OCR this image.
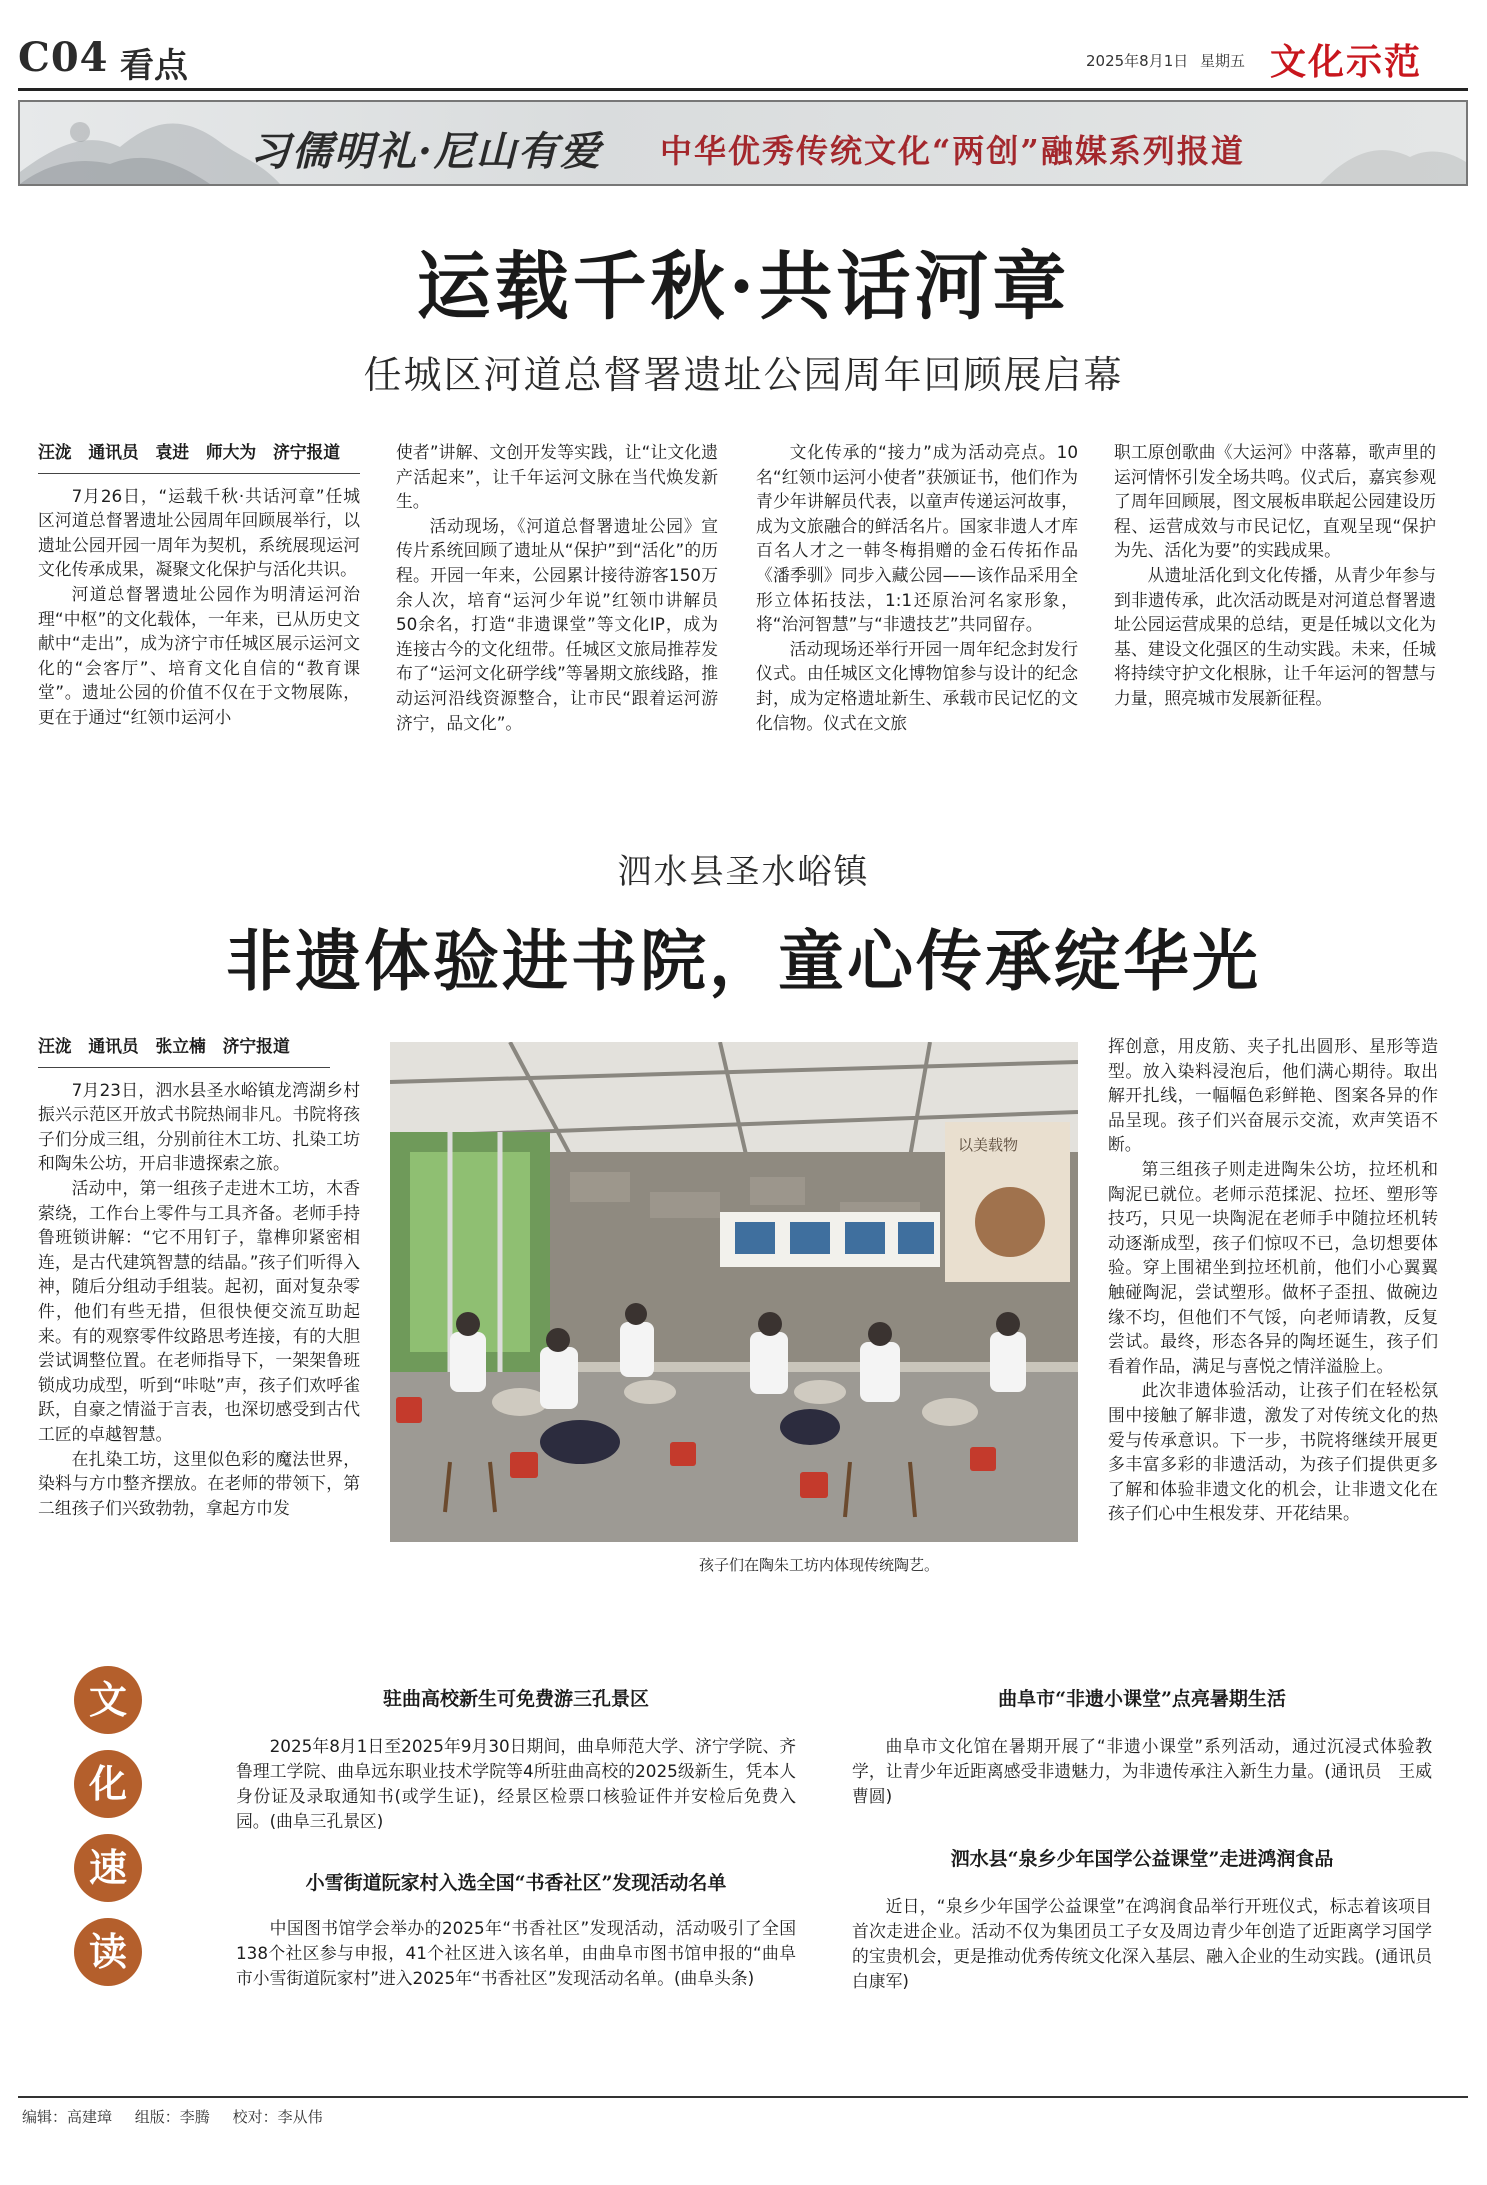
C04 看点	2025年8月1日 星期五 文化示范
习儒明礼·尼山有爱 中华优秀传统文化“两创”融媒系列报道
运载千秋·共话河章
任城区河道总督署遗址公园周年回顾展启幕
汪泷　通讯员　袁进　师大为　济宁报道

7月26日，“运载千秋·共话河章”任城区河道总督署遗址公园周年回顾展举行，以遗址公园开园一周年为契机，系统展现运河文化传承成果，凝聚文化保护与活化共识。

河道总督署遗址公园作为明清运河治理“中枢”的文化载体，一年来，已从历史文献中“走出”，成为济宁市任城区展示运河文化的“会客厅”、培育文化自信的“教育课堂”。遗址公园的价值不仅在于文物展陈，更在于通过“红领巾运河小

使者”讲解、文创开发等实践，让“让文化遗产活起来”，让千年运河文脉在当代焕发新生。

活动现场，《河道总督署遗址公园》宣传片系统回顾了遗址从“保护”到“活化”的历程。开园一年来，公园累计接待游客150万余人次，培育“运河少年说”红领巾讲解员50余名，打造“非遗课堂”等文化IP，成为连接古今的文化纽带。任城区文旅局推荐发布了“运河文化研学线”等暑期文旅线路，推动运河沿线资源整合，让市民“跟着运河游济宁，品文化”。

文化传承的“接力”成为活动亮点。10名“红领巾运河小使者”获颁证书，他们作为青少年讲解员代表，以童声传递运河故事，成为文旅融合的鲜活名片。国家非遗人才库百名人才之一韩冬梅捐赠的金石传拓作品《潘季驯》同步入藏公园——该作品采用全形立体拓技法，1:1还原治河名家形象，将“治河智慧”与“非遗技艺”共同留存。

活动现场还举行开园一周年纪念封发行仪式。由任城区文化博物馆参与设计的纪念封，成为定格遗址新生、承载市民记忆的文化信物。仪式在文旅

职工原创歌曲《大运河》中落幕，歌声里的运河情怀引发全场共鸣。仪式后，嘉宾参观了周年回顾展，图文展板串联起公园建设历程、运营成效与市民记忆，直观呈现“保护为先、活化为要”的实践成果。

从遗址活化到文化传播，从青少年参与到非遗传承，此次活动既是对河道总督署遗址公园运营成果的总结，更是任城以文化为基、建设文化强区的生动实践。未来，任城将持续守护文化根脉，让千年运河的智慧与力量，照亮城市发展新征程。

泗水县圣水峪镇
非遗体验进书院，童心传承绽华光
汪泷　通讯员　张立楠　济宁报道

7月23日，泗水县圣水峪镇龙湾湖乡村振兴示范区开放式书院热闹非凡。书院将孩子们分成三组，分别前往木工坊、扎染工坊和陶朱公坊，开启非遗探索之旅。

活动中，第一组孩子走进木工坊，木香萦绕，工作台上零件与工具齐备。老师手持鲁班锁讲解：“它不用钉子，靠榫卯紧密相连，是古代建筑智慧的结晶。”孩子们听得入神，随后分组动手组装。起初，面对复杂零件，他们有些无措，但很快便交流互助起来。有的观察零件纹路思考连接，有的大胆尝试调整位置。在老师指导下，一架架鲁班锁成功成型，听到“咔哒”声，孩子们欢呼雀跃，自豪之情溢于言表，也深切感受到古代工匠的卓越智慧。

在扎染工坊，这里似色彩的魔法世界，染料与方巾整齐摆放。在老师的带领下，第二组孩子们兴致勃勃，拿起方巾发

以美载物
孩子们在陶朱工坊内体现传统陶艺。

挥创意，用皮筋、夹子扎出圆形、星形等造型。放入染料浸泡后，他们满心期待。取出解开扎线，一幅幅色彩鲜艳、图案各异的作品呈现。孩子们兴奋展示交流，欢声笑语不断。

第三组孩子则走进陶朱公坊，拉坯机和陶泥已就位。老师示范揉泥、拉坯、塑形等技巧，只见一块陶泥在老师手中随拉坯机转动逐渐成型，孩子们惊叹不已，急切想要体验。穿上围裙坐到拉坯机前，他们小心翼翼触碰陶泥，尝试塑形。做杯子歪扭、做碗边缘不均，但他们不气馁，向老师请教，反复尝试。最终，形态各异的陶坯诞生，孩子们看着作品，满足与喜悦之情洋溢脸上。

此次非遗体验活动，让孩子们在轻松氛围中接触了解非遗，激发了对传统文化的热爱与传承意识。下一步，书院将继续开展更多丰富多彩的非遗活动，为孩子们提供更多了解和体验非遗文化的机会，让非遗文化在孩子们心中生根发芽、开花结果。

文
化
速
读
驻曲高校新生可免费游三孔景区

2025年8月1日至2025年9月30日期间，曲阜师范大学、济宁学院、齐鲁理工学院、曲阜远东职业技术学院等4所驻曲高校的2025级新生，凭本人身份证及录取通知书(或学生证)，经景区检票口核验证件并安检后免费入园。(曲阜三孔景区)

小雪街道阮家村入选全国“书香社区”发现活动名单

中国图书馆学会举办的2025年“书香社区”发现活动，活动吸引了全国138个社区参与申报，41个社区进入该名单，由曲阜市图书馆申报的“曲阜市小雪街道阮家村”进入2025年“书香社区”发现活动名单。(曲阜头条)

曲阜市“非遗小课堂”点亮暑期生活

曲阜市文化馆在暑期开展了“非遗小课堂”系列活动，通过沉浸式体验教学，让青少年近距离感受非遗魅力，为非遗传承注入新生力量。(通讯员　王威　曹圆)

泗水县“泉乡少年国学公益课堂”走进鸿润食品

近日，“泉乡少年国学公益课堂”在鸿润食品举行开班仪式，标志着该项目首次走进企业。活动不仅为集团员工子女及周边青少年创造了近距离学习国学的宝贵机会，更是推动优秀传统文化深入基层、融入企业的生动实践。(通讯员　白康军)

编辑：高建璋 组版：李腾 校对：李从伟
